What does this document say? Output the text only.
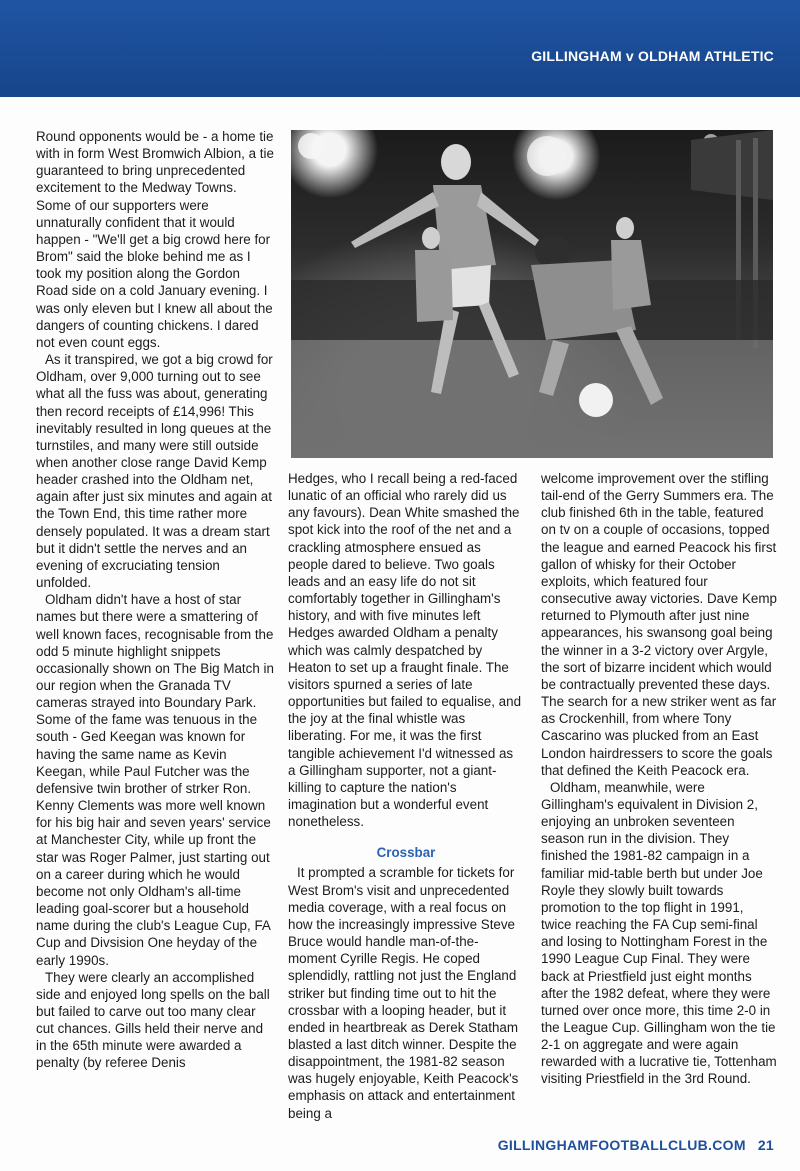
GILLINGHAM v OLDHAM ATHLETIC

Round opponents would be - a home tie with in form West Bromwich Albion, a tie guaranteed to bring unprecedented excitement to the Medway Towns. Some of our supporters were unnaturally confident that it would happen - "We'll get a big crowd here for Brom" said the bloke behind me as I took my position along the Gordon Road side on a cold January evening. I was only eleven but I knew all about the dangers of counting chickens. I dared not even count eggs.

As it transpired, we got a big crowd for Oldham, over 9,000 turning out to see what all the fuss was about, generating then record receipts of £14,996! This inevitably resulted in long queues at the turnstiles, and many were still outside when another close range David Kemp header crashed into the Oldham net, again after just six minutes and again at the Town End, this time rather more densely populated. It was a dream start but it didn't settle the nerves and an evening of excruciating tension unfolded.

Oldham didn't have a host of star names but there were a smattering of well known faces, recognisable from the odd 5 minute highlight snippets occasionally shown on The Big Match in our region when the Granada TV cameras strayed into Boundary Park. Some of the fame was tenuous in the south - Ged Keegan was known for having the same name as Kevin Keegan, while Paul Futcher was the defensive twin brother of strker Ron. Kenny Clements was more well known for his big hair and seven years' service at Manchester City, while up front the star was Roger Palmer, just starting out on a career during which he would become not only Oldham's all-time leading goal-scorer but a household name during the club's League Cup, FA Cup and Divsision One heyday of the early 1990s.

They were clearly an accomplished side and enjoyed long spells on the ball but failed to carve out too many clear cut chances. Gills held their nerve and in the 65th minute were awarded a penalty (by referee Denis

Hedges, who I recall being a red-faced lunatic of an official who rarely did us any favours). Dean White smashed the spot kick into the roof of the net and a crackling atmosphere ensued as people dared to believe. Two goals leads and an easy life do not sit comfortably together in Gillingham's history, and with five minutes left Hedges awarded Oldham a penalty which was calmly despatched by Heaton to set up a fraught finale. The visitors spurned a series of late opportunities but failed to equalise, and the joy at the final whistle was liberating. For me, it was the first tangible achievement I'd witnessed as a Gillingham supporter, not a giant-killing to capture the nation's imagination but a wonderful event nonetheless.

Crossbar

It prompted a scramble for tickets for West Brom's visit and unprecedented media coverage, with a real focus on how the increasingly impressive Steve Bruce would handle man-of-the-moment Cyrille Regis. He coped splendidly, rattling not just the England striker but finding time out to hit the crossbar with a looping header, but it ended in heartbreak as Derek Statham blasted a last ditch winner. Despite the disappointment, the 1981-82 season was hugely enjoyable, Keith Peacock's emphasis on attack and entertainment being a

welcome improvement over the stifling tail-end of the Gerry Summers era. The club finished 6th in the table, featured on tv on a couple of occasions, topped the league and earned Peacock his first gallon of whisky for their October exploits, which featured four consecutive away victories. Dave Kemp returned to Plymouth after just nine appearances, his swansong goal being the winner in a 3-2 victory over Argyle, the sort of bizarre incident which would be contractually prevented these days. The search for a new striker went as far as Crockenhill, from where Tony Cascarino was plucked from an East London hairdressers to score the goals that defined the Keith Peacock era.

Oldham, meanwhile, were Gillingham's equivalent in Division 2, enjoying an unbroken seventeen season run in the division. They finished the 1981-82 campaign in a familiar mid-table berth but under Joe Royle they slowly built towards promotion to the top flight in 1991, twice reaching the FA Cup semi-final and losing to Nottingham Forest in the 1990 League Cup Final. They were back at Priestfield just eight months after the 1982 defeat, where they were turned over once more, this time 2-0 in the League Cup. Gillingham won the tie 2-1 on aggregate and were again rewarded with a lucrative tie, Tottenham visiting Priestfield in the 3rd Round.

GILLINGHAMFOOTBALLCLUB.COM 21
